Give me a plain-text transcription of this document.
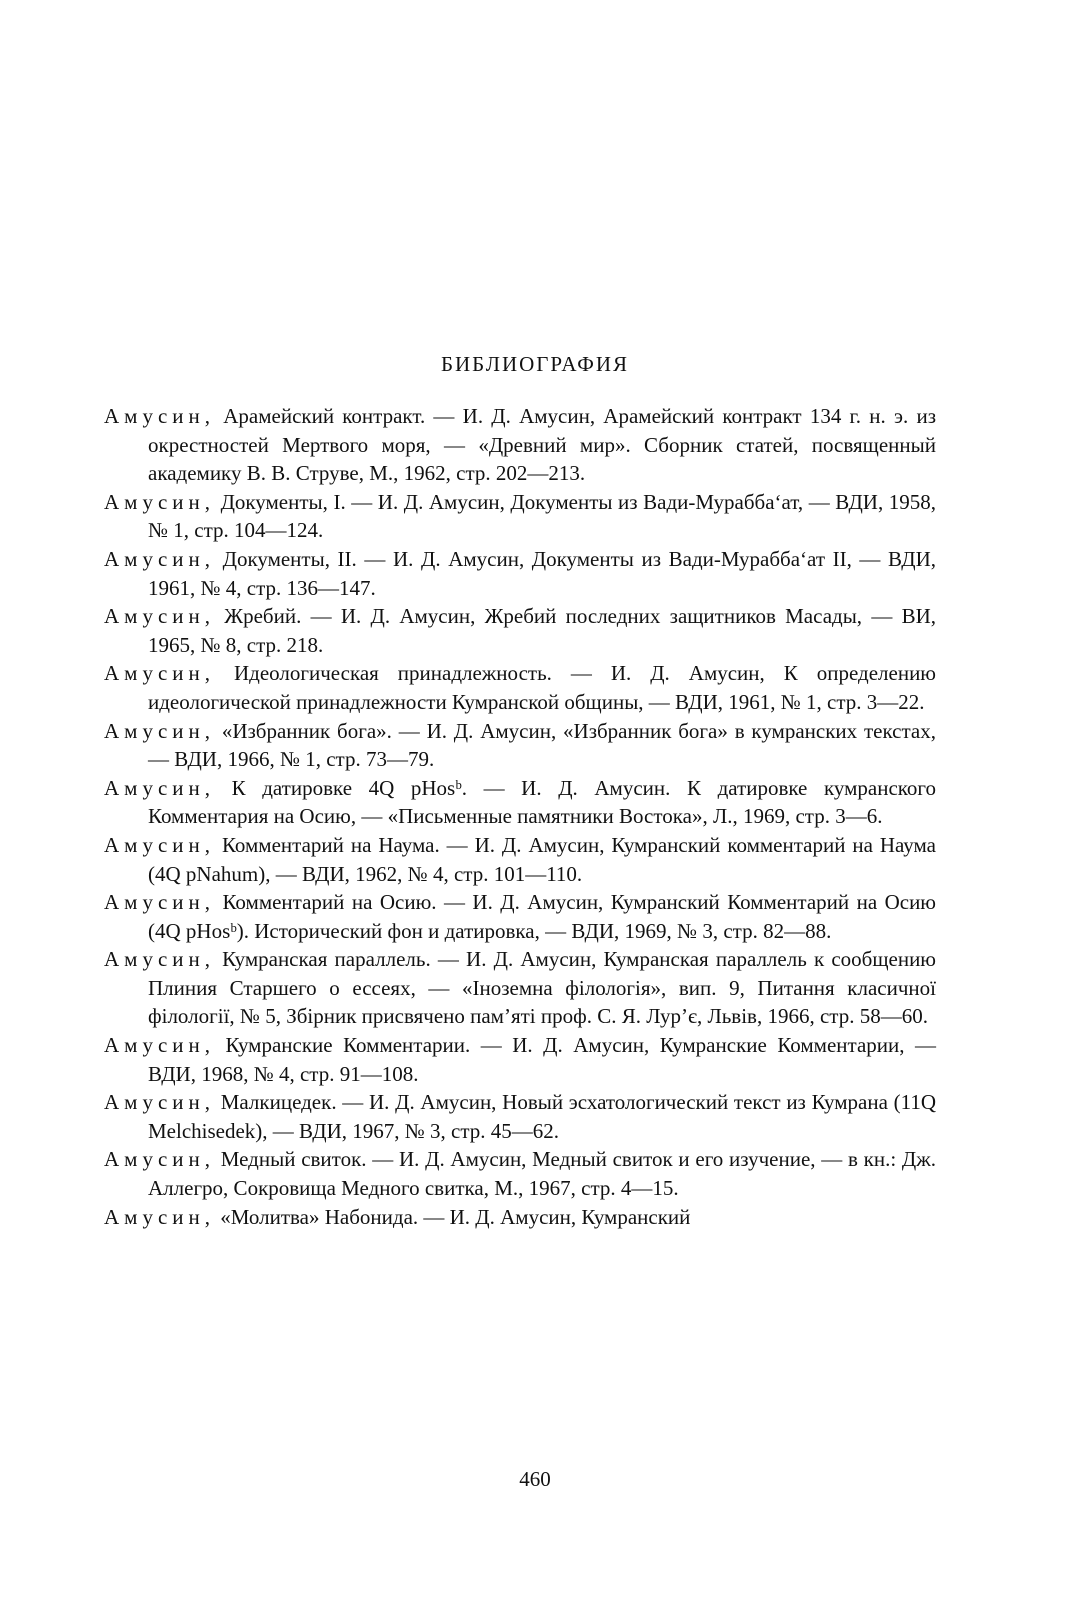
БИБЛИОГРАФИЯ
Амусин, Арамейский контракт. — И. Д. Амусин, Арамейский контракт 134 г. н. э. из окрестностей Мертвого моря, — «Древний мир». Сборник статей, посвященный академику В. В. Струве, М., 1962, стр. 202—213.
Амусин, Документы, I. — И. Д. Амусин, Документы из Вади-Мурабба‘ат, — ВДИ, 1958, № 1, стр. 104—124.
Амусин, Документы, II. — И. Д. Амусин, Документы из Вади-Мурабба‘ат II, — ВДИ, 1961, № 4, стр. 136—147.
Амусин, Жребий. — И. Д. Амусин, Жребий последних защитников Масады, — ВИ, 1965, № 8, стр. 218.
Амусин, Идеологическая принадлежность. — И. Д. Амусин, К определению идеологической принадлежности Кумранской общины, — ВДИ, 1961, № 1, стр. 3—22.
Амусин, «Избранник бога». — И. Д. Амусин, «Избранник бога» в кумранских текстах, — ВДИ, 1966, № 1, стр. 73—79.
Амусин, К датировке 4Q pHosᵇ. — И. Д. Амусин. К датировке кумранского Комментария на Осию, — «Письменные памятники Востока», Л., 1969, стр. 3—6.
Амусин, Комментарий на Наума. — И. Д. Амусин, Кумранский комментарий на Наума (4Q pNahum), — ВДИ, 1962, № 4, стр. 101—110.
Амусин, Комментарий на Осию. — И. Д. Амусин, Кумранский Комментарий на Осию (4Q pHosᵇ). Исторический фон и датировка, — ВДИ, 1969, № 3, стр. 82—88.
Амусин, Кумранская параллель. — И. Д. Амусин, Кумранская параллель к сообщению Плиния Старшего о ессеях, — «Іноземна філологія», вип. 9, Питання класичної філології, № 5, Збірник присвячено пам’яті проф. С. Я. Лур’є, Львів, 1966, стр. 58—60.
Амусин, Кумранские Комментарии. — И. Д. Амусин, Кумранские Комментарии, — ВДИ, 1968, № 4, стр. 91—108.
Амусин, Малкицедек. — И. Д. Амусин, Новый эсхатологический текст из Кумрана (11Q Melchisedek), — ВДИ, 1967, № 3, стр. 45—62.
Амусин, Медный свиток. — И. Д. Амусин, Медный свиток и его изучение, — в кн.: Дж. Аллегро, Сокровища Медного свитка, М., 1967, стр. 4—15.
Амусин, «Молитва» Набонида. — И. Д. Амусин, Кумранский
460
